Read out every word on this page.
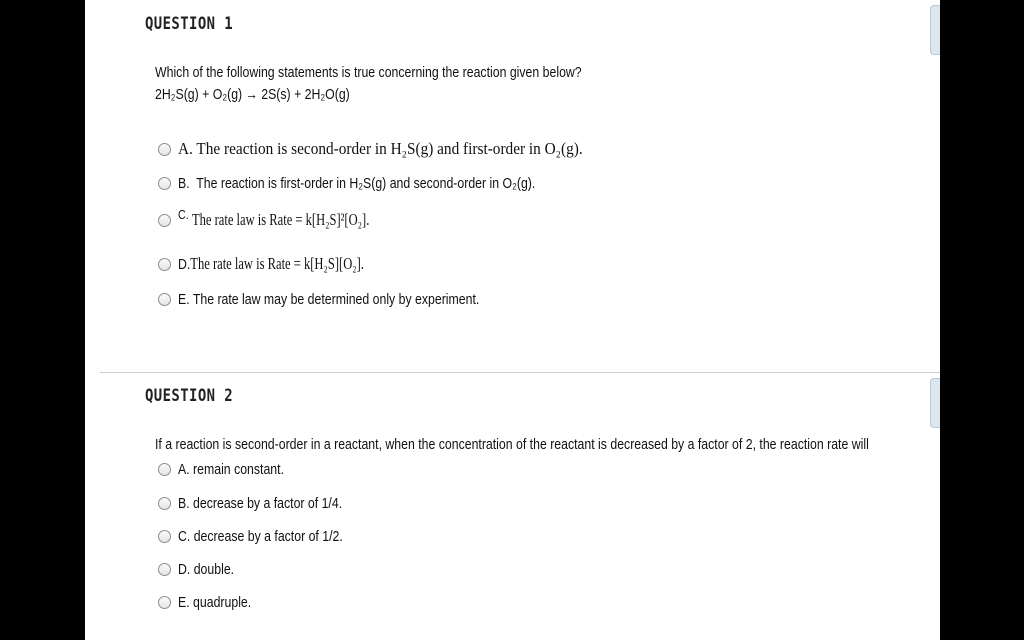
QUESTION 1
Which of the following statements is true concerning the reaction given below?
2H₂S(g) + O₂(g) → 2S(s) + 2H₂O(g)
A. The reaction is second-order in H₂S(g) and first-order in O₂(g).
B. The reaction is first-order in H₂S(g) and second-order in O₂(g).
C. The rate law is Rate = k[H₂S]²[O₂].
D.The rate law is Rate = k[H₂S][O₂].
E. The rate law may be determined only by experiment.
QUESTION 2
If a reaction is second-order in a reactant, when the concentration of the reactant is decreased by a factor of 2, the reaction rate will
A. remain constant.
B. decrease by a factor of 1/4.
C. decrease by a factor of 1/2.
D. double.
E. quadruple.
